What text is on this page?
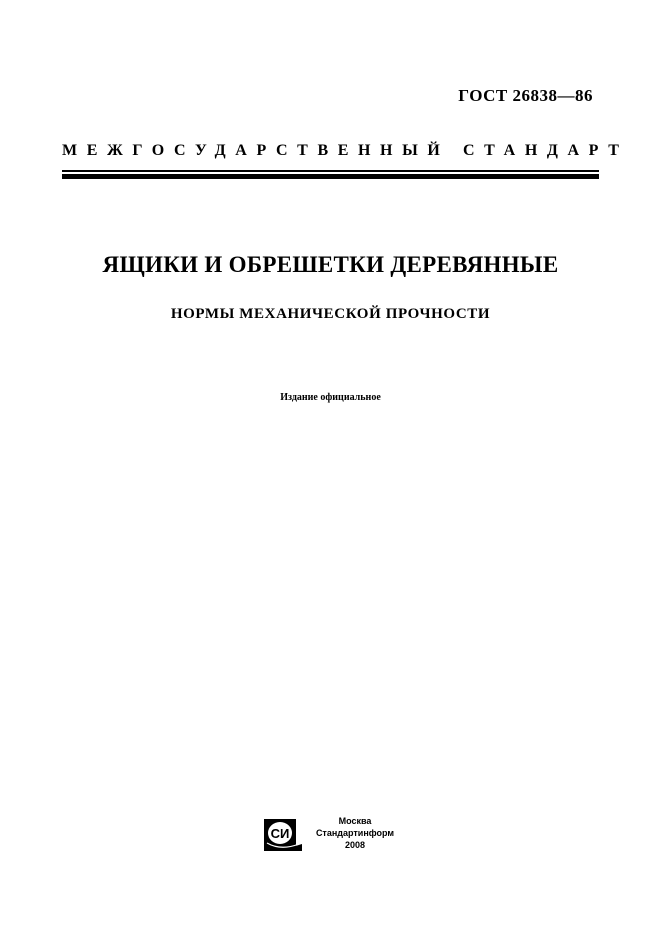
ГОСТ 26838—86
МЕЖГОСУДАРСТВЕННЫЙ СТАНДАРТ
ЯЩИКИ И ОБРЕШЕТКИ ДЕРЕВЯННЫЕ
НОРМЫ МЕХАНИЧЕСКОЙ ПРОЧНОСТИ
Издание официальное
СИ
Москва
Стандартинформ
2008
